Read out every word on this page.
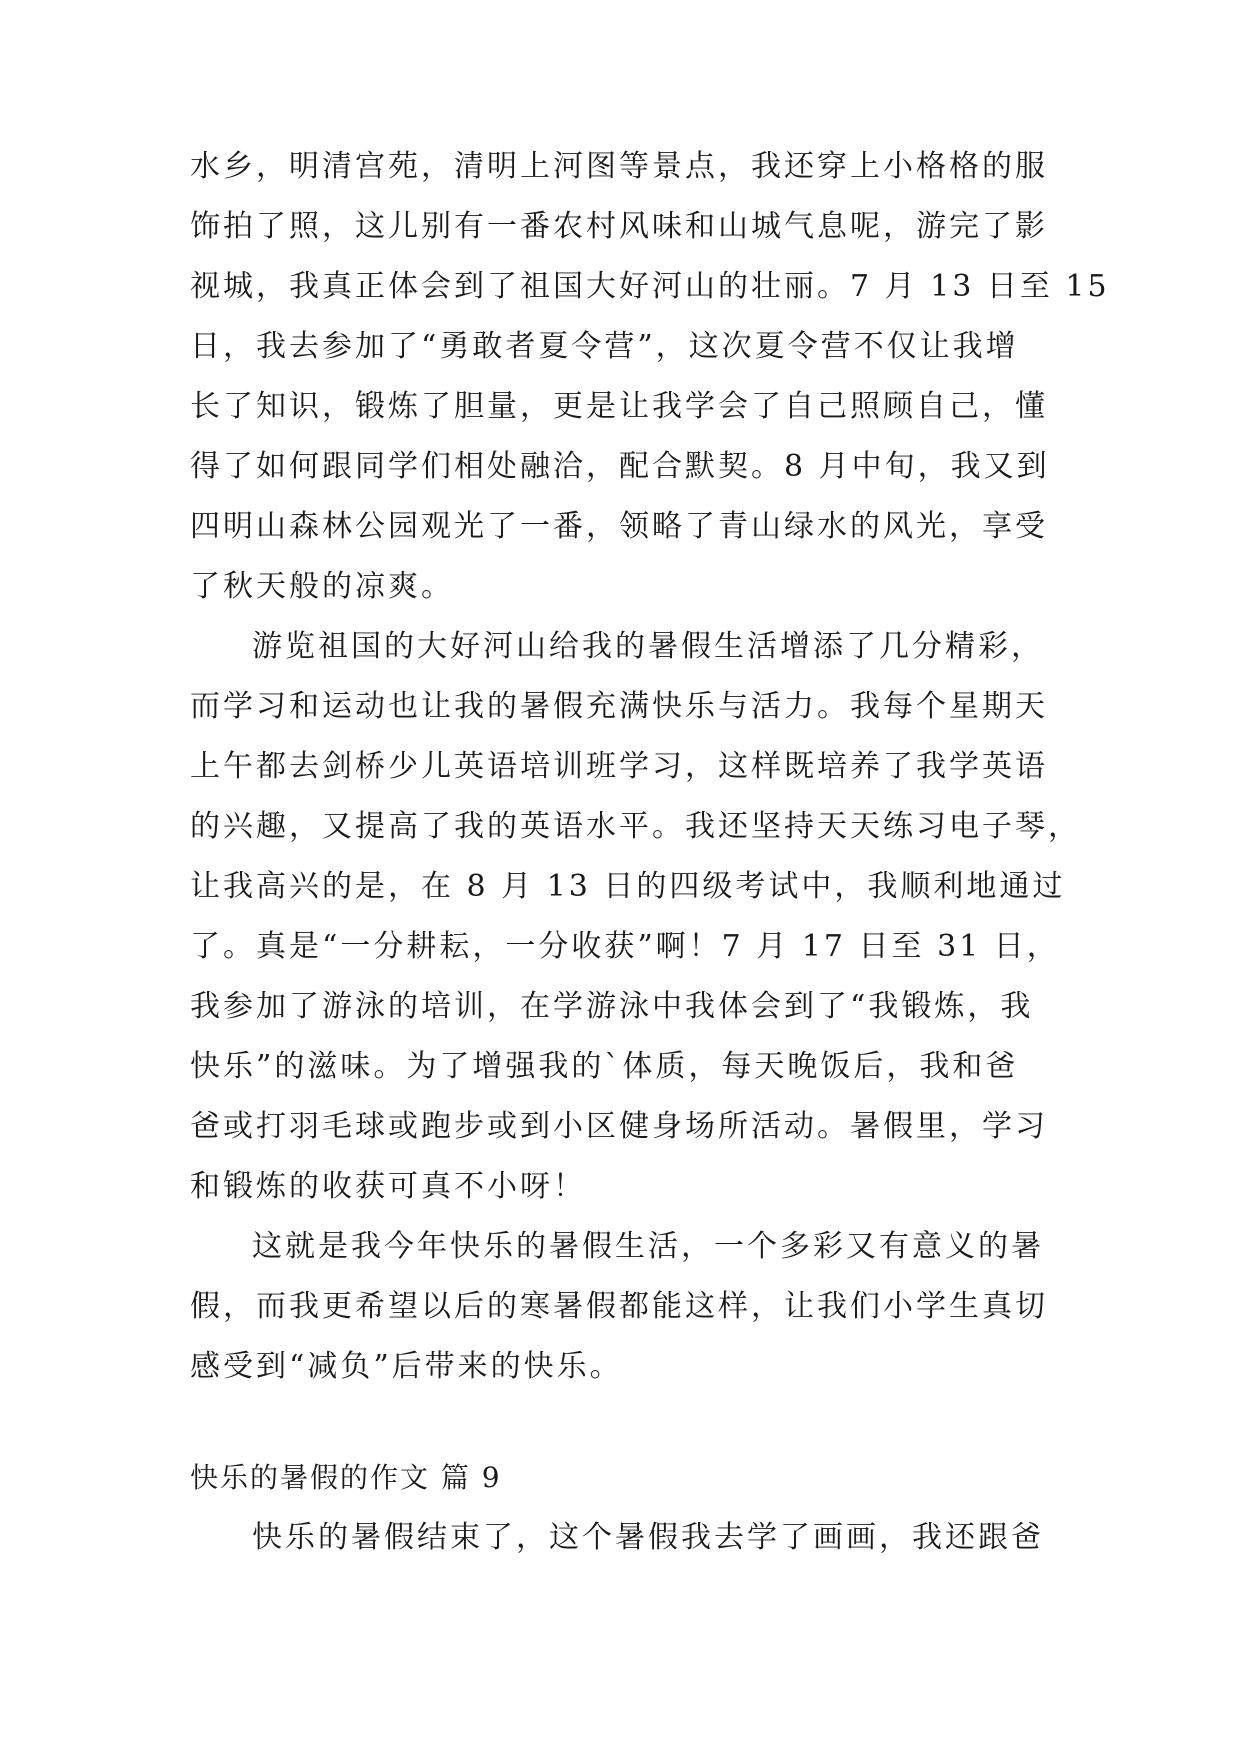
水乡，明清宫苑，清明上河图等景点，我还穿上小格格的服
饰拍了照，这儿别有一番农村风味和山城气息呢，游完了影
视城，我真正体会到了祖国大好河山的壮丽。7 月 13 日至 15
日，我去参加了“勇敢者夏令营”，这次夏令营不仅让我增
长了知识，锻炼了胆量，更是让我学会了自己照顾自己，懂
得了如何跟同学们相处融洽，配合默契。8 月中旬，我又到
四明山森林公园观光了一番，领略了青山绿水的风光，享受
了秋天般的凉爽。
游览祖国的大好河山给我的暑假生活增添了几分精彩，
而学习和运动也让我的暑假充满快乐与活力。我每个星期天
上午都去剑桥少儿英语培训班学习，这样既培养了我学英语
的兴趣，又提高了我的英语水平。我还坚持天天练习电子琴，
让我高兴的是，在 8 月 13 日的四级考试中，我顺利地通过
了。真是“一分耕耘，一分收获”啊！7 月 17 日至 31 日，
我参加了游泳的培训，在学游泳中我体会到了“我锻炼，我
快乐”的滋味。为了增强我的`体质，每天晚饭后，我和爸
爸或打羽毛球或跑步或到小区健身场所活动。暑假里，学习
和锻炼的收获可真不小呀！
这就是我今年快乐的暑假生活，一个多彩又有意义的暑
假，而我更希望以后的寒暑假都能这样，让我们小学生真切
感受到“减负”后带来的快乐。
快乐的暑假的作文 篇 9
快乐的暑假结束了，这个暑假我去学了画画，我还跟爸
